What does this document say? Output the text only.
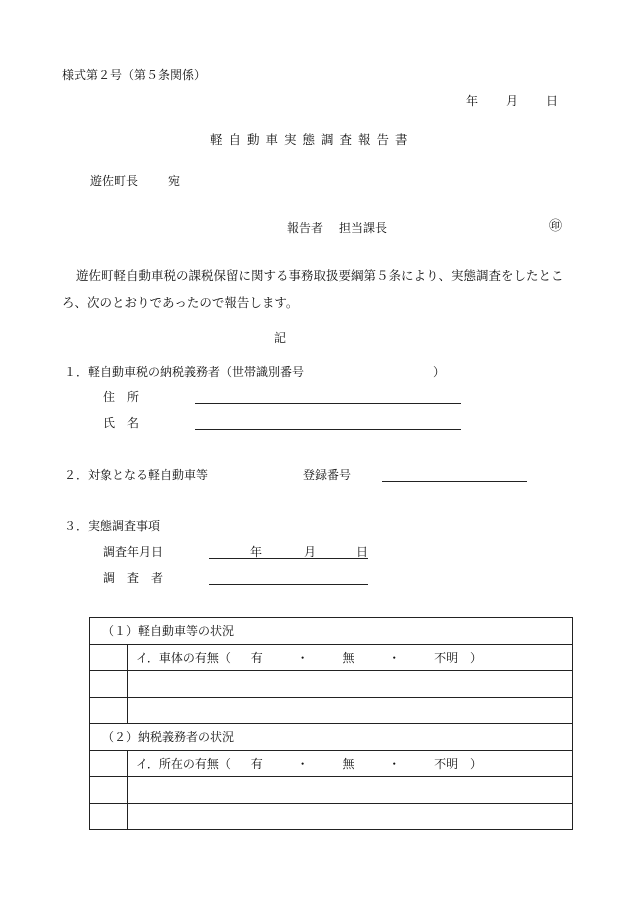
様式第２号（第５条関係）
年 月 日
軽自動車実態調査報告書
遊佐町長 宛
報告者 担当課長	㊞
遊佐町軽自動車税の課税保留に関する事務取扱要綱第５条により、実態調査をしたところ、次のとおりであったので報告します。
記
１．軽自動車税の納税義務者（世帯識別番号	）
住　所
氏　名
２．対象となる軽自動車等	登録番号
３．実態調査事項
調査年月日	年	月	日
調　査　者
（１）軽自動車等の状況	
	イ．車体の有無（ 有 ・ 無 ・ 不明 ）

（２）納税義務者の状況	
	イ．所在の有無（ 有 ・ 無 ・ 不明 ）
